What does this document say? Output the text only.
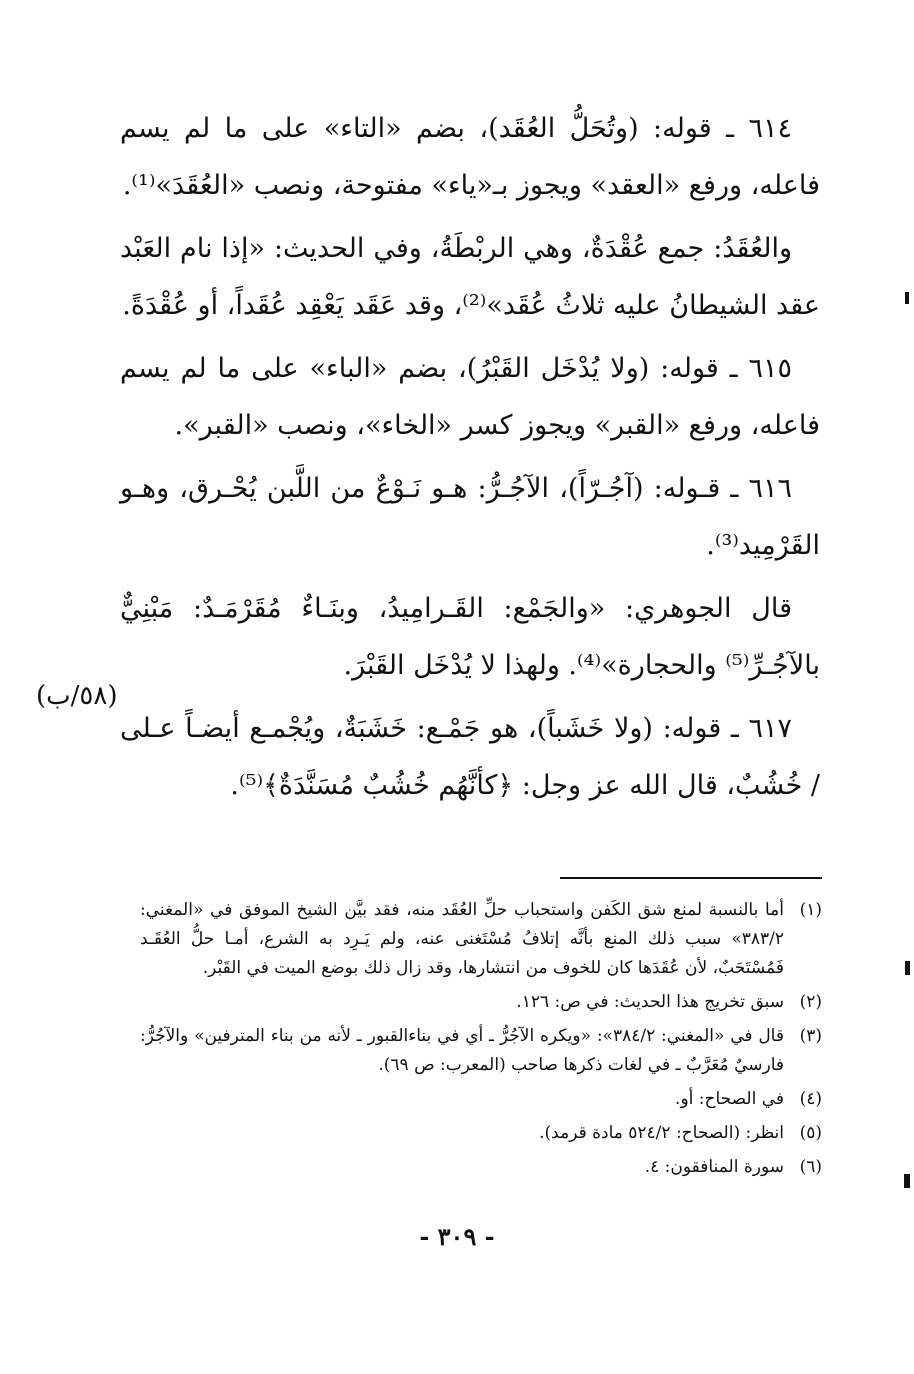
٦١٤ ـ قوله: (وتُحَلُّ العُقَد)، بضم «التاء» على ما لم يسم فاعله، ورفع «العقد» ويجوز بـ«ياء» مفتوحة، ونصب «العُقَدَ»⁽¹⁾.

والعُقَدُ: جمع عُقْدَةٌ، وهي الربْطَةُ، وفي الحديث: «إذا نام العَبْد عقد الشيطانُ عليه ثلاثُ عُقَد»⁽²⁾، وقد عَقَد يَعْقِد عُقَداً، أو عُقْدَةً.

٦١٥ ـ قوله: (ولا يُدْخَل القَبْرُ)، بضم «الباء» على ما لم يسم فاعله، ورفع «القبر» ويجوز كسر «الخاء»، ونصب «القبر».

٦١٦ ـ قـوله: (آجُـرّاً)، الآجُـرُّ: هـو نَـوْعٌ من اللَّبن يُحْـرق، وهـو القَرْمِيد⁽³⁾.

قال الجوهري: «والجَمْع: القَـرامِيدُ، وبنَـاءٌ مُقَرْمَـدٌ: مَبْنِيٌّ بالآجُـرِّ⁽⁵⁾ والحجارة»⁽⁴⁾. ولهذا لا يُدْخَل القَبْرَ.

٦١٧ ـ قوله: (ولا خَشَباً)، هو جَمْـع: خَشَبَةٌ، ويُجْمـع أيضـاً عـلى / خُشُبٌ، قال الله عز وجل: ﴿كأنَّهُم خُشُبٌ مُسَنَّدَةٌ﴾⁽⁵⁾.

(٥٨/ب)
(١)
أما بالنسبة لمنع شق الكَفن واستحباب حلِّ العُقَد منه، فقد بيَّن الشيخ الموفق في «المغني: ٣٨٣/٢» سبب ذلك المنع بأنَّه إتلافُ مُسْتَغنى عنه، ولم يَـرِد به الشرع، أمـا حلُّ العُقَـد فَمُسْتَحَبٌ، لأن عُقَدَها كان للخوف من انتشارها، وقد زال ذلك بوضع الميت في القَبْر.
(٢)
سبق تخريج هذا الحديث: في ص: ١٢٦.
(٣)
قال في «المغني: ٣٨٤/٢»: «ويكره الآجُرُّ ـ أي في بناءالقبور ـ لأنه من بناء المترفين» والآجُرُّ: فارسيٌ مُعَرَّبٌ ـ في لغات ذكرها صاحب (المعرب: ص ٦٩).
(٤)
في الصحاح: أو.
(٥)
انظر: (الصحاح: ٥٢٤/٢ مادة قرمد).
(٦)
سورة المنافقون: ٤.
- ٣٠٩ -
